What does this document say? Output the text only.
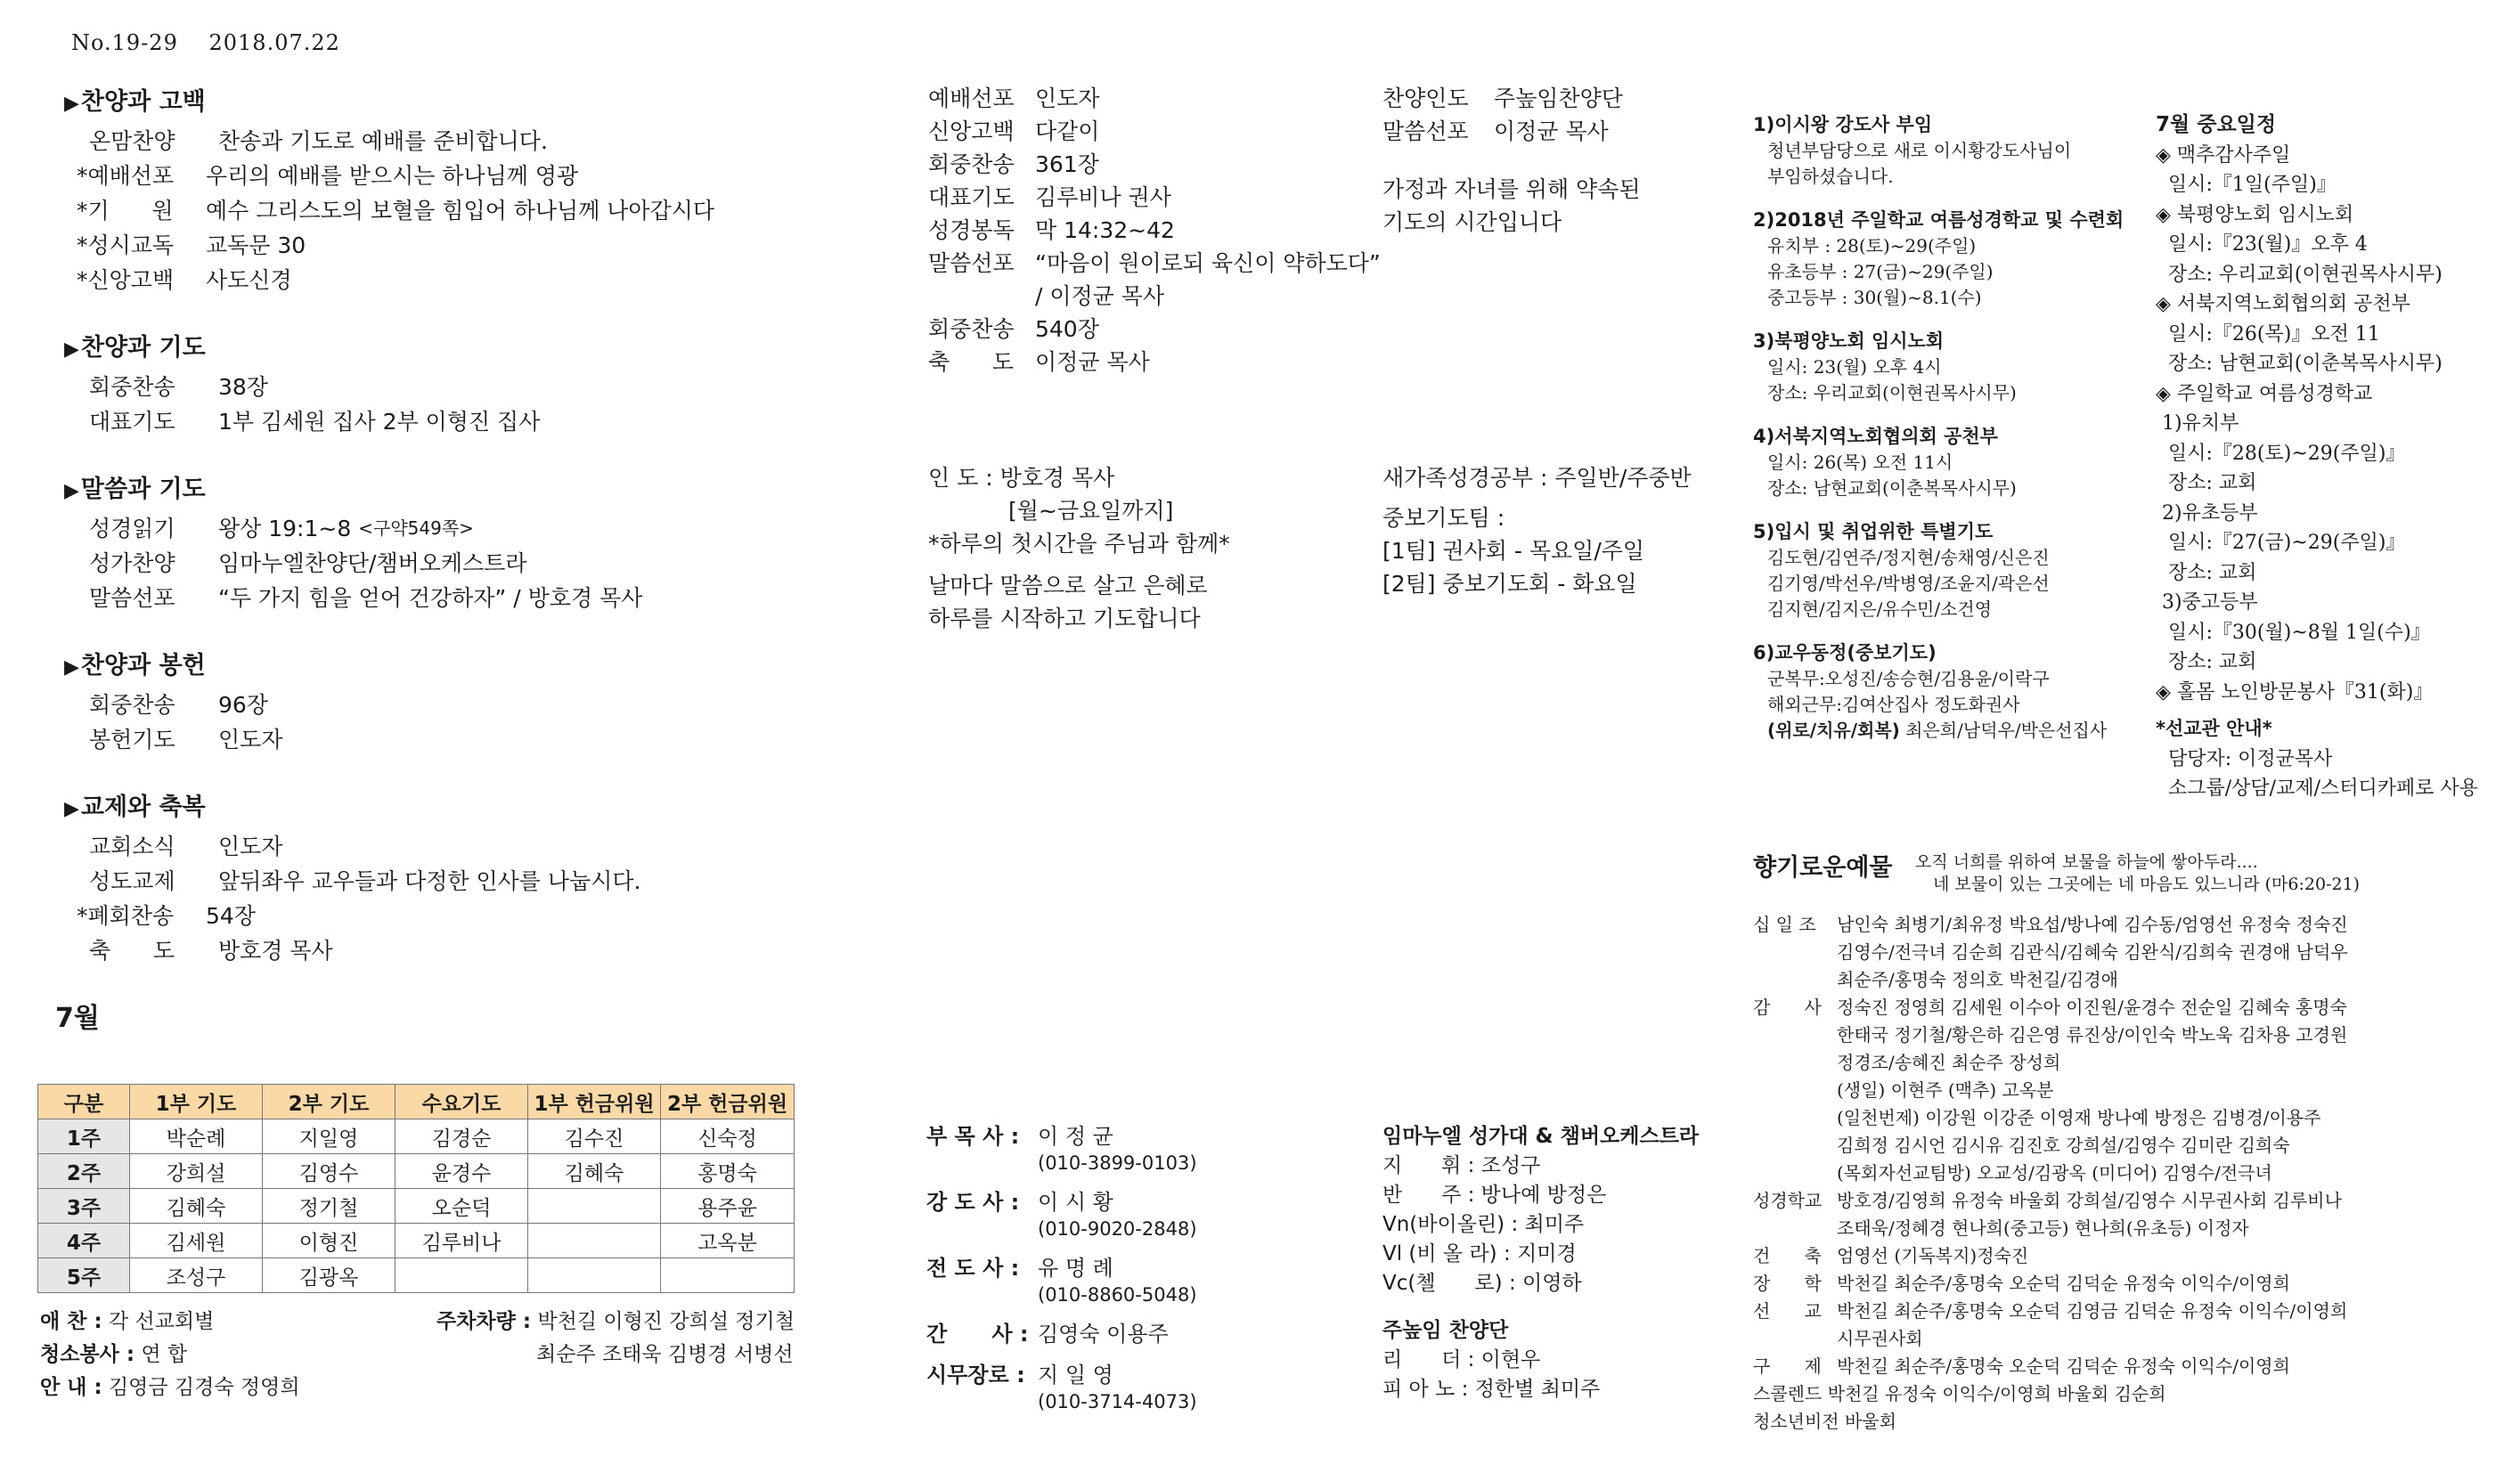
No.19-29 2018.07.22
▶찬양과 고백
온맘찬양	찬송과 기도로 예배를 준비합니다.
*예배선포	우리의 예배를 받으시는 하나님께 영광
*기      원	예수 그리스도의 보혈을 힘입어 하나님께 나아갑시다
*성시교독	교독문 30
*신앙고백	사도신경
▶찬양과 기도
회중찬송	38장
대표기도	1부 김세원 집사 2부 이형진 집사
▶말씀과 기도
성경읽기	왕상 19:1~8 <구약549쪽>
성가찬양	임마누엘찬양단/챔버오케스트라
말씀선포	“두 가지 힘을 얻어 건강하자” / 방호경 목사
▶찬양과 봉헌
회중찬송	96장
봉헌기도	인도자
▶교제와 축복
교회소식	인도자
성도교제	앞뒤좌우 교우들과 다정한 인사를 나눕시다.
*폐회찬송	54장
축      도	방호경 목사
7월
구분	1부 기도	2부 기도	수요기도	1부 헌금위원	2부 헌금위원
1주	박순례	지일영	김경순	김수진	신숙정
2주	강희설	김영수	윤경수	김혜숙	홍명숙
3주	김혜숙	정기철	오순덕		용주윤
4주	김세원	이형진	김루비나		고옥분
5주	조성구	김광옥			
애 찬 : 각 선교회별
청소봉사 : 연 합
안 내 : 김영금 김경숙 정영희
주차차량 : 박천길 이형진 강희설 정기철
최순주 조태욱 김병경 서병선
예배선포 인도자
신앙고백 다같이
회중찬송 361장
대표기도 김루비나 권사
성경봉독 막 14:32~42
말씀선포 “마음이 원이로되 육신이 약하도다”
/ 이정균 목사
회중찬송 540장
축      도 이정균 목사
인 도 : 방호경 목사
[월~금요일까지]
*하루의 첫시간을 주님과 함께*
날마다 말씀으로 살고 은혜로
하루를 시작하고 기도합니다
부 목 사 : 이 정 균
(010-3899-0103)
강 도 사 : 이 시 황
(010-9020-2848)
전 도 사 : 유 명 례
(010-8860-5048)
간      사 : 김영숙 이용주
시무장로 : 지 일 영
(010-3714-4073)
찬양인도 주높임찬양단
말씀선포 이정균 목사
가정과 자녀를 위해 약속된
기도의 시간입니다
새가족성경공부 : 주일반/주중반
중보기도팀 :
[1팀] 권사회 - 목요일/주일
[2팀] 중보기도회 - 화요일
임마누엘 성가대 & 챔버오케스트라
지      휘 : 조성구
반      주 : 방나예 방정은
Vn(바이올린) : 최미주
Vl (비 올 라) : 지미경
Vc(첼      로) : 이영하
주높임 찬양단
리      더 : 이현우
피 아 노 : 정한별 최미주
1)이시왕 강도사 부임
청년부담당으로 새로 이시황강도사님이
부임하셨습니다.
2)2018년 주일학교 여름성경학교 및 수련회
유치부 : 28(토)~29(주일)
유초등부 : 27(금)~29(주일)
중고등부 : 30(월)~8.1(수)
3)북평양노회 임시노회
일시: 23(월) 오후 4시
장소: 우리교회(이현권목사시무)
4)서북지역노회협의회 공천부
일시: 26(목) 오전 11시
장소: 남현교회(이춘복목사시무)
5)입시 및 취업위한 특별기도
김도현/김연주/정지현/송채영/신은진
김기영/박선우/박병영/조윤지/곽은선
김지현/김지은/유수민/소건영
6)교우동정(중보기도)
군복무:오성진/송승현/김용윤/이락구
해외근무:김여산집사 정도화권사
(위로/치유/회복) 최은희/남덕우/박은선집사
7월 중요일정
◈ 맥추감사주일
일시:『1일(주일)』
◈ 북평양노회 임시노회
일시:『23(월)』오후 4
장소: 우리교회(이현권목사시무)
◈ 서북지역노회협의회 공천부
일시:『26(목)』오전 11
장소: 남현교회(이춘복목사시무)
◈ 주일학교 여름성경학교
1)유치부
일시:『28(토)~29(주일)』
장소: 교회
2)유초등부
일시:『27(금)~29(주일)』
장소: 교회
3)중고등부
일시:『30(월)~8월 1일(수)』
장소: 교회
◈ 홀몸 노인방문봉사『31(화)』
*선교관 안내*
담당자: 이정균목사
소그룹/상담/교제/스터디카페로 사용
향기로운예물 오직 너희를 위하여 보물을 하늘에 쌓아두라....
네 보물이 있는 그곳에는 네 마음도 있느니라 (마6:20-21)
십 일 조 남인숙 최병기/최유정 박요섭/방나예 김수동/엄영선 유정숙 정숙진
김영수/전극녀 김순희 김관식/김혜숙 김완식/김희숙 권경애 남덕우
최순주/홍명숙 정의호 박천길/김경애
감      사 정숙진 정영희 김세원 이수아 이진원/윤경수 전순일 김혜숙 홍명숙
한태국 정기철/황은하 김은영 류진상/이인숙 박노욱 김차용 고경원
정경조/송혜진 최순주 장성희
(생일) 이현주 (맥추) 고옥분
(일천번제) 이강원 이강준 이영재 방나예 방정은 김병경/이용주
김희정 김시언 김시유 김진호 강희설/김영수 김미란 김희숙
(목회자선교팀방) 오교성/김광옥 (미디어) 김영수/전극녀
성경학교 방호경/김영희 유정숙 바울회 강희설/김영수 시무권사회 김루비나
조태욱/정혜경 현나희(중고등) 현나희(유초등) 이정자
건      축 엄영선 (기독복지)정숙진
장      학 박천길 최순주/홍명숙 오순덕 김덕순 유정숙 이익수/이영희
선      교 박천길 최순주/홍명숙 오순덕 김영금 김덕순 유정숙 이익수/이영희
시무권사회
구      제 박천길 최순주/홍명숙 오순덕 김덕순 유정숙 이익수/이영희
스콜렌드 박천길 유정숙 이익수/이영희 바울회 김순희
청소년비전 바울회
